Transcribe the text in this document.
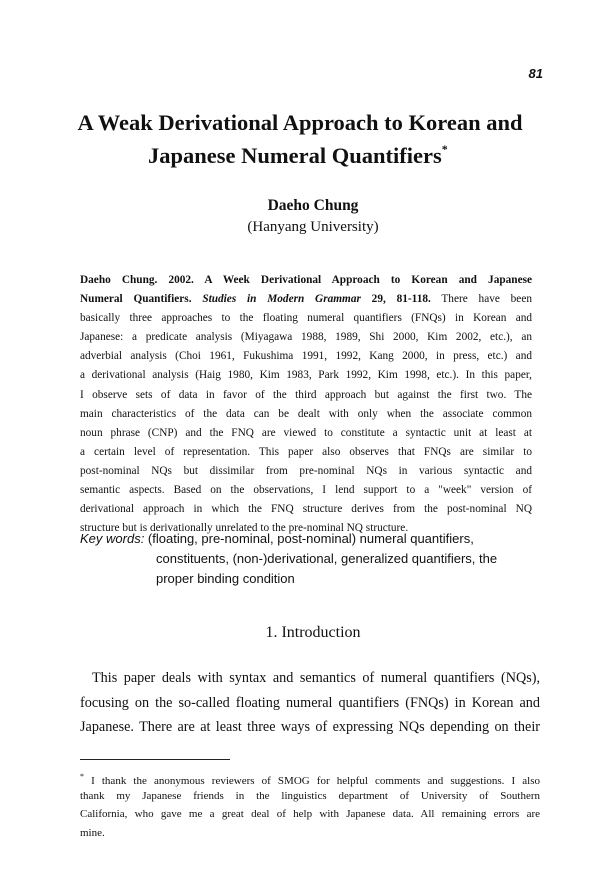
81
A Weak Derivational Approach to Korean and
Japanese Numeral Quantifiers*
Daeho Chung
(Hanyang University)
Daeho Chung. 2002. A Week Derivational Approach to Korean and Japanese
Numeral Quantifiers. Studies in Modern Grammar 29, 81-118. There have been
basically three approaches to the floating numeral quantifiers (FNQs) in Korean and
Japanese: a predicate analysis (Miyagawa 1988, 1989, Shi 2000, Kim 2002, etc.), an
adverbial analysis (Choi 1961, Fukushima 1991, 1992, Kang 2000, in press, etc.) and
a derivational analysis (Haig 1980, Kim 1983, Park 1992, Kim 1998, etc.). In this paper,
I observe sets of data in favor of the third approach but against the first two. The
main characteristics of the data can be dealt with only when the associate common
noun phrase (CNP) and the FNQ are viewed to constitute a syntactic unit at least at
a certain level of representation. This paper also observes that FNQs are similar to
post-nominal NQs but dissimilar from pre-nominal NQs in various syntactic and
semantic aspects. Based on the observations, I lend support to a "week" version of
derivational approach in which the FNQ structure derives from the post-nominal NQ
structure but is derivationally unrelated to the pre-nominal NQ structure.
Key words: (floating, pre-nominal, post-nominal) numeral quantifiers,
constituents, (non-)derivational, generalized quantifiers, the
proper binding condition
1. Introduction
This paper deals with syntax and semantics of numeral quantifiers (NQs),
focusing on the so-called floating numeral quantifiers (FNQs) in Korean and
Japanese. There are at least three ways of expressing NQs depending on their
* I thank the anonymous reviewers of SMOG for helpful comments and suggestions. I also
thank my Japanese friends in the linguistics department of University of Southern
California, who gave me a great deal of help with Japanese data. All remaining errors are
mine.
